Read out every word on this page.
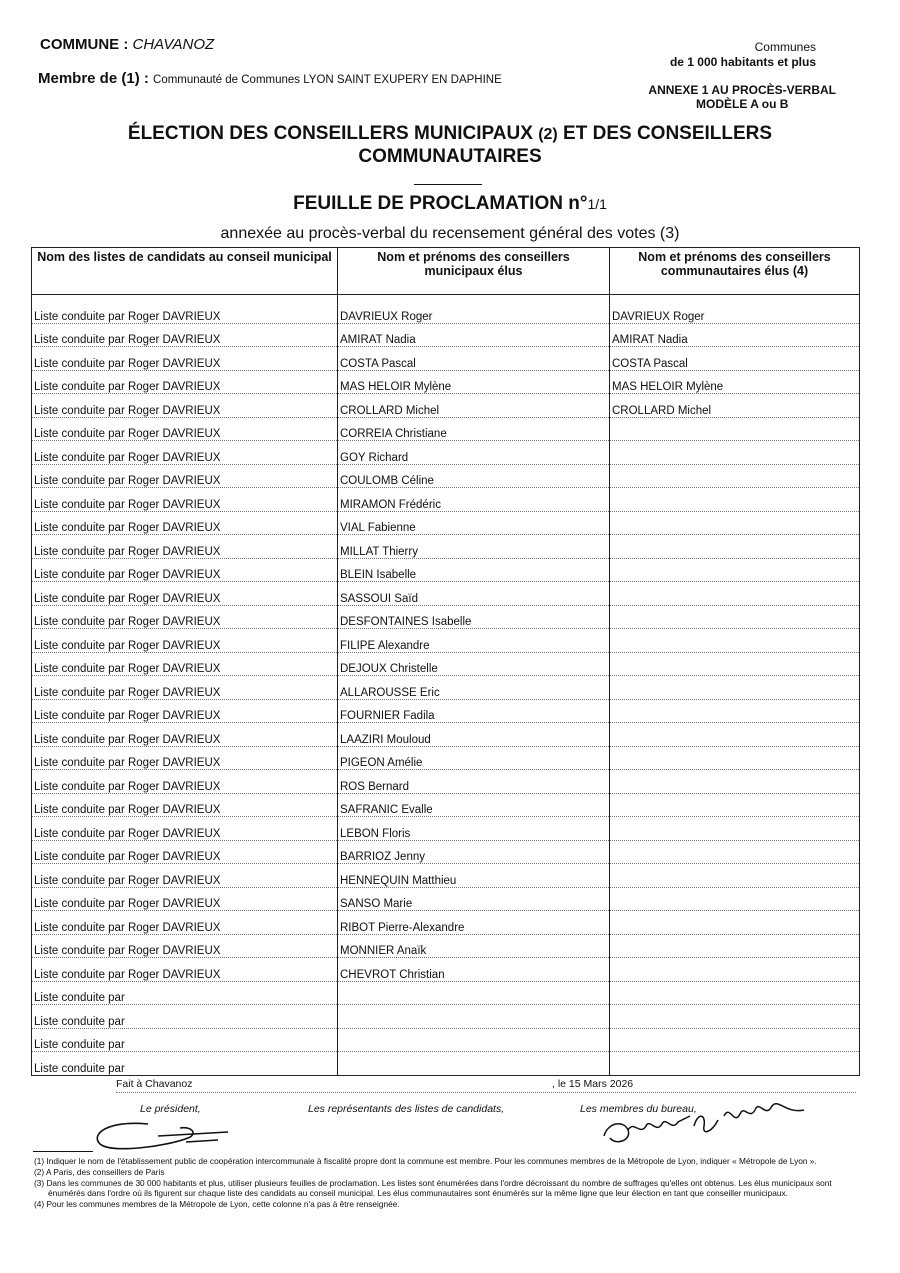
COMMUNE : CHAVANOZ
Membre de (1) : Communauté de Communes LYON SAINT EXUPERY EN DAPHINE
Communes
de 1 000 habitants et plus
ANNEXE 1 AU PROCÈS-VERBAL
MODÈLE A ou B
ÉLECTION DES CONSEILLERS MUNICIPAUX (2) ET DES CONSEILLERS
COMMUNAUTAIRES
FEUILLE DE PROCLAMATION n°1/1
annexée au procès-verbal du recensement général des votes (3)
Nom des listes de candidats au conseil municipal	Nom et prénoms des conseillers municipaux élus	Nom et prénoms des conseillers communautaires élus (4)

Liste conduite par Roger DAVRIEUX	DAVRIEUX Roger	DAVRIEUX Roger
Liste conduite par Roger DAVRIEUX	AMIRAT Nadia	AMIRAT Nadia
Liste conduite par Roger DAVRIEUX	COSTA Pascal	COSTA Pascal
Liste conduite par Roger DAVRIEUX	MAS HELOIR Mylène	MAS HELOIR Mylène
Liste conduite par Roger DAVRIEUX	CROLLARD Michel	CROLLARD Michel
Liste conduite par Roger DAVRIEUX	CORREIA Christiane	
Liste conduite par Roger DAVRIEUX	GOY Richard	
Liste conduite par Roger DAVRIEUX	COULOMB Céline	
Liste conduite par Roger DAVRIEUX	MIRAMON Frédéric	
Liste conduite par Roger DAVRIEUX	VIAL Fabienne	
Liste conduite par Roger DAVRIEUX	MILLAT Thierry	
Liste conduite par Roger DAVRIEUX	BLEIN Isabelle	
Liste conduite par Roger DAVRIEUX	SASSOUI Saïd	
Liste conduite par Roger DAVRIEUX	DESFONTAINES Isabelle	
Liste conduite par Roger DAVRIEUX	FILIPE Alexandre	
Liste conduite par Roger DAVRIEUX	DEJOUX Christelle	
Liste conduite par Roger DAVRIEUX	ALLAROUSSE Eric	
Liste conduite par Roger DAVRIEUX	FOURNIER Fadila	
Liste conduite par Roger DAVRIEUX	LAAZIRI Mouloud	
Liste conduite par Roger DAVRIEUX	PIGEON Amélie	
Liste conduite par Roger DAVRIEUX	ROS Bernard	
Liste conduite par Roger DAVRIEUX	SAFRANIC Evalle	
Liste conduite par Roger DAVRIEUX	LEBON Floris	
Liste conduite par Roger DAVRIEUX	BARRIOZ Jenny	
Liste conduite par Roger DAVRIEUX	HENNEQUIN Matthieu	
Liste conduite par Roger DAVRIEUX	SANSO Marie	
Liste conduite par Roger DAVRIEUX	RIBOT Pierre-Alexandre	
Liste conduite par Roger DAVRIEUX	MONNIER Anaïk	
Liste conduite par Roger DAVRIEUX	CHEVROT Christian	
Liste conduite par		
Liste conduite par		
Liste conduite par		
Liste conduite par		
Fait à Chavanoz	, le 15 Mars 2026
Le président,	Les représentants des listes de candidats,	Les membres du bureau,

(1) Indiquer le nom de l'établissement public de coopération intercommunale à fiscalité propre dont la commune est membre. Pour les communes membres de la Métropole de Lyon, indiquer « Métropole de Lyon ».

(2) A Paris, des conseillers de Paris

(3) Dans les communes de 30 000 habitants et plus, utiliser plusieurs feuilles de proclamation. Les listes sont énumérées dans l'ordre décroissant du nombre de suffrages qu'elles ont obtenus. Les élus municipaux sont énumérés dans l'ordre où ils figurent sur chaque liste des candidats au conseil municipal. Les élus communautaires sont énumérés sur la même ligne que leur élection en tant que conseiller municipaux.

(4) Pour les communes membres de la Métropole de Lyon, cette colonne n'a pas à être renseignée.
